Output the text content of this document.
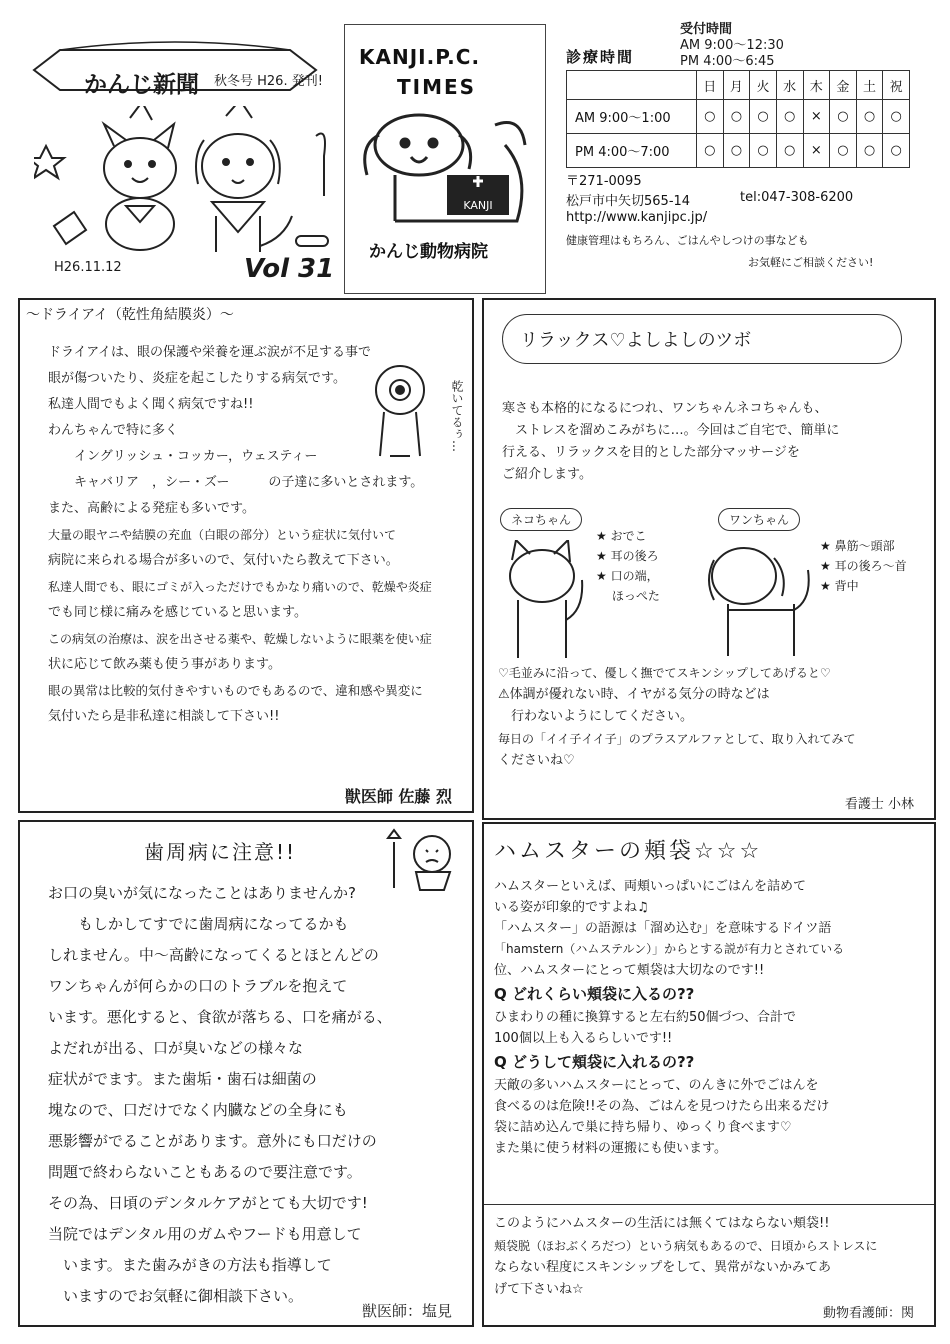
かんじ新聞 秋冬号 H26. 発刊!
H26.11.12	Vol 31
KANJI.P.C.
TIMES
KANJI
かんじ動物病院
診療時間
受付時間
AM 9:00～12:30
PM 4:00～6:45
	日	月	火	水	木	金	土	祝
AM 9:00～1:00	○	○	○	○	×	○	○	○
PM 4:00～7:00	○	○	○	○	×	○	○	○
〒271-0095
松戸市中矢切565-14	tel:047-308-6200
http://www.kanjipc.jp/
健康管理はもちろん、ごはんやしつけの事なども
お気軽にご相談ください!
～ドライアイ（乾性角結膜炎）～
乾いてるぅ…
ドライアイは、眼の保護や栄養を運ぶ涙が不足する事で
眼が傷ついたり、炎症を起こしたりする病気です。
私達人間でもよく聞く病気ですね!!
わんちゃんで特に多く
　　イングリッシュ・コッカー，ウェスティー
　　キャバリア　，シー・ズー　　　の子達に多いとされます。
また、高齢による発症も多いです。
大量の眼ヤニや結膜の充血（白眼の部分）という症状に気付いて
病院に来られる場合が多いので、気付いたら教えて下さい。
私達人間でも、眼にゴミが入っただけでもかなり痛いので、乾燥や炎症
でも同じ様に痛みを感じていると思います。
この病気の治療は、涙を出させる薬や、乾燥しないように眼薬を使い症
状に応じて飲み薬も使う事があります。
眼の異常は比較的気付きやすいものでもあるので、違和感や異変に
気付いたら是非私達に相談して下さい!!
獣医師 佐藤 烈
リラックス♡よしよしのツボ
寒さも本格的になるにつれ、ワンちゃんネコちゃんも、
　ストレスを溜めこみがちに…。今回はご自宅で、簡単に
行える、リラックスを目的とした部分マッサージを
ご紹介します。
ネコちゃん
★ おでこ
★ 耳の後ろ
★ 口の端，
　 ほっぺた
ワンちゃん
★ 鼻筋～頭部
★ 耳の後ろ～首
★ 背中
♡毛並みに沿って、優しく撫でてスキンシップしてあげると♡
⚠体調が優れない時、イヤがる気分の時などは
　行わないようにしてください。
毎日の「イイ子イイ子」のプラスアルファとして、取り入れてみて
くださいね♡
看護士 小林
歯周病に注意!!
お口の臭いが気になったことはありませんか?
　　もしかしてすでに歯周病になってるかも
しれません。中～高齢になってくるとほとんどの
ワンちゃんが何らかの口のトラブルを抱えて
います。悪化すると、食欲が落ちる、口を痛がる、
よだれが出る、口が臭いなどの様々な
症状がでます。また歯垢・歯石は細菌の
塊なので、口だけでなく内臓などの全身にも
悪影響がでることがあります。意外にも口だけの
問題で終わらないこともあるので要注意です。
その為、日頃のデンタルケアがとても大切です!
当院ではデンタル用のガムやフードも用意して
　います。また歯みがきの方法も指導して
　いますのでお気軽に御相談下さい。
獣医師：塩見
ハムスターの頬袋☆☆☆
ハムスターといえば、両頬いっぱいにごはんを詰めて
いる姿が印象的ですよね♫
「ハムスター」の語源は「溜め込む」を意味するドイツ語
「hamstern（ハムステルン）」からとする説が有力とされている
位、ハムスターにとって頬袋は大切なのです!!
Q どれくらい頬袋に入るの??
ひまわりの種に換算すると左右約50個づつ、合計で
100個以上も入るらしいです!!
Q どうして頬袋に入れるの??
天敵の多いハムスターにとって、のんきに外でごはんを
食べるのは危険!!その為、ごはんを見つけたら出来るだけ
袋に詰め込んで巣に持ち帰り、ゆっくり食べます♡
また巣に使う材料の運搬にも使います。
このようにハムスターの生活には無くてはならない頬袋!!
頬袋脱（ほおぶくろだつ）という病気もあるので、日頃からストレスに
ならない程度にスキンシップをして、異常がないかみてあ
げて下さいね☆
動物看護師：関
